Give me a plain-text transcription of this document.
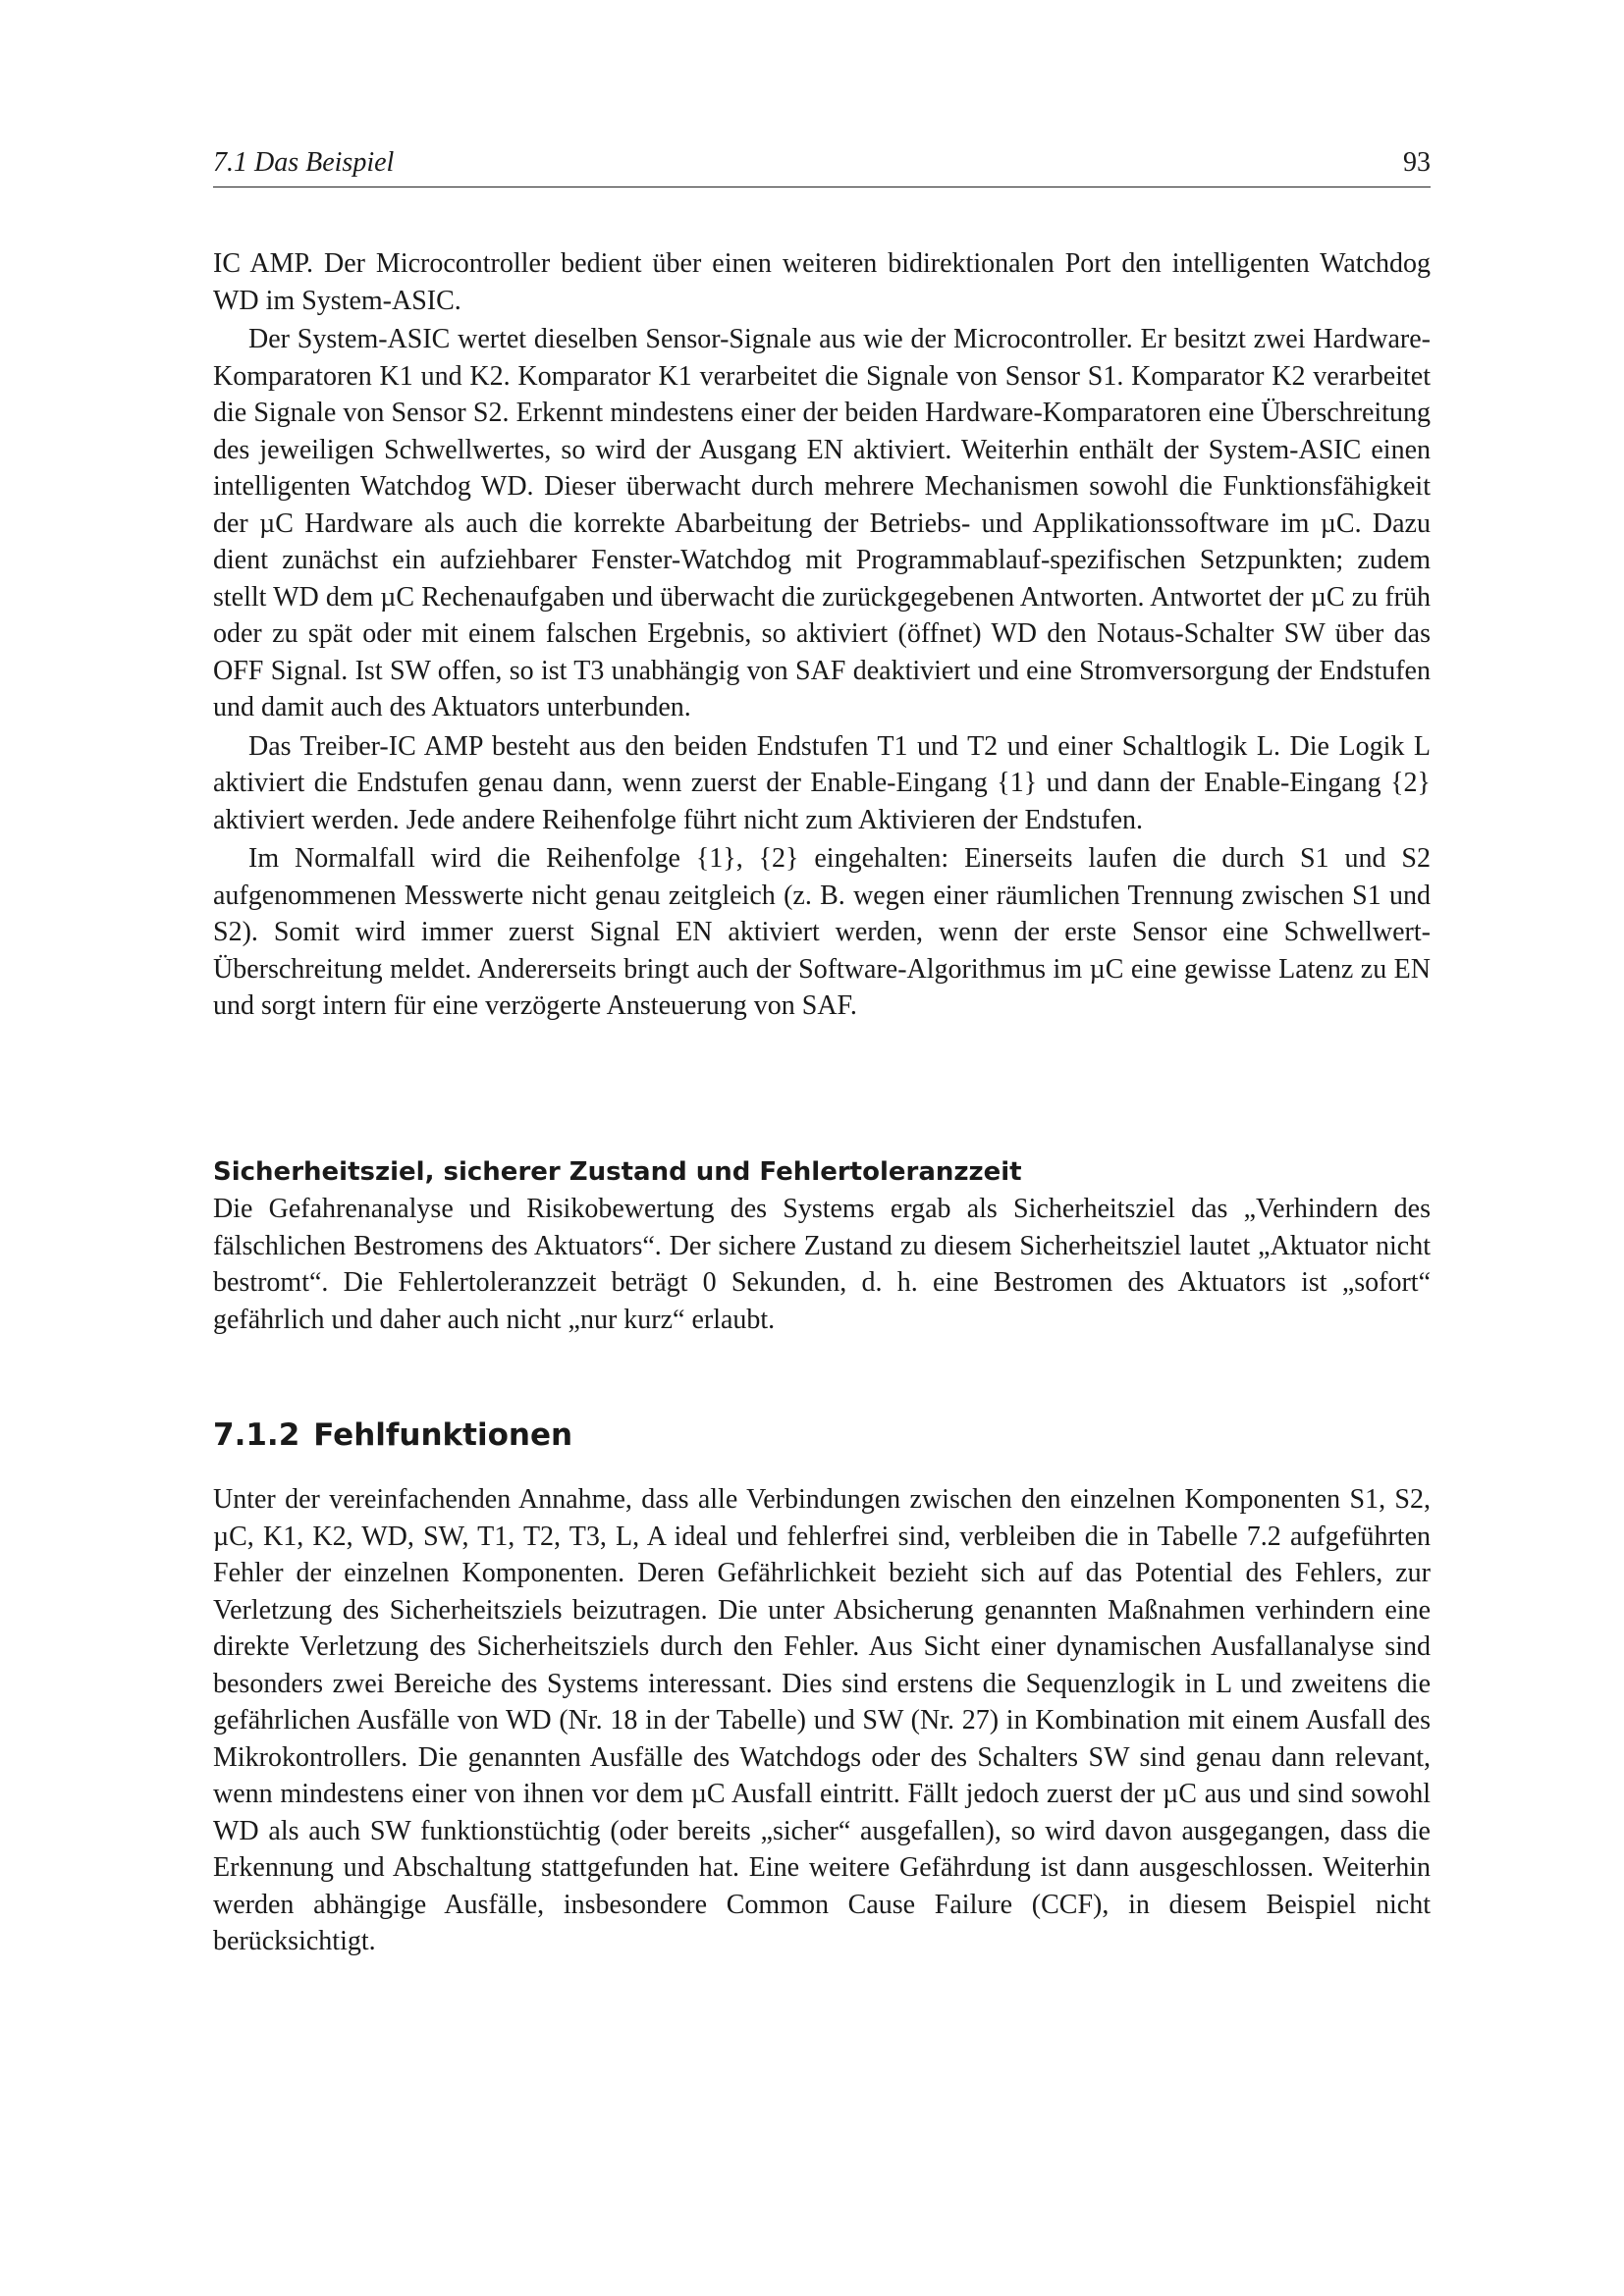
7.1 Das Beispiel	93

IC AMP. Der Microcontroller bedient über einen weiteren bidirektionalen Port den intelligenten Watchdog WD im System-ASIC.

Der System-ASIC wertet dieselben Sensor-Signale aus wie der Microcontroller. Er besitzt zwei Hardware-Komparatoren K1 und K2. Komparator K1 verarbeitet die Signale von Sensor S1. Komparator K2 verarbeitet die Signale von Sensor S2. Erkennt mindestens einer der beiden Hardware-Komparatoren eine Überschreitung des jeweiligen Schwellwertes, so wird der Ausgang EN aktiviert. Weiterhin enthält der System-ASIC einen intelligenten Watchdog WD. Dieser überwacht durch mehrere Mechanismen sowohl die Funktionsfähigkeit der µC Hardware als auch die korrekte Abarbeitung der Betriebs- und Applikationssoftware im µC. Dazu dient zunächst ein aufziehbarer Fenster-Watchdog mit Programmablauf-spezifischen Setzpunkten; zudem stellt WD dem µC Rechenaufgaben und überwacht die zurückgegebenen Antworten. Antwortet der µC zu früh oder zu spät oder mit einem falschen Ergebnis, so aktiviert (öffnet) WD den Notaus-Schalter SW über das OFF Signal. Ist SW offen, so ist T3 unabhängig von SAF deaktiviert und eine Stromversorgung der Endstufen und damit auch des Aktuators unterbunden.

Das Treiber-IC AMP besteht aus den beiden Endstufen T1 und T2 und einer Schaltlogik L. Die Logik L aktiviert die Endstufen genau dann, wenn zuerst der Enable-Eingang {1} und dann der Enable-Eingang {2} aktiviert werden. Jede andere Reihenfolge führt nicht zum Aktivieren der Endstufen.

Im Normalfall wird die Reihenfolge {1}, {2} eingehalten: Einerseits laufen die durch S1 und S2 aufgenommenen Messwerte nicht genau zeitgleich (z. B. wegen einer räumlichen Trennung zwischen S1 und S2). Somit wird immer zuerst Signal EN aktiviert werden, wenn der erste Sensor eine Schwellwert-Überschreitung meldet. Andererseits bringt auch der Software-Algorithmus im µC eine gewisse Latenz zu EN und sorgt intern für eine verzögerte Ansteuerung von SAF.

Sicherheitsziel, sicherer Zustand und Fehlertoleranzzeit

Die Gefahrenanalyse und Risikobewertung des Systems ergab als Sicherheitsziel das „Verhindern des fälschlichen Bestromens des Aktuators“. Der sichere Zustand zu diesem Sicherheitsziel lautet „Aktuator nicht bestromt“. Die Fehlertoleranzzeit beträgt 0 Sekunden, d. h. eine Bestromen des Aktuators ist „sofort“ gefährlich und daher auch nicht „nur kurz“ erlaubt.

7.1.2 Fehlfunktionen

Unter der vereinfachenden Annahme, dass alle Verbindungen zwischen den einzelnen Komponenten S1, S2, µC, K1, K2, WD, SW, T1, T2, T3, L, A ideal und fehlerfrei sind, verbleiben die in Tabelle 7.2 aufgeführten Fehler der einzelnen Komponenten. Deren Gefährlichkeit bezieht sich auf das Potential des Fehlers, zur Verletzung des Sicherheitsziels beizutragen. Die unter Absicherung genannten Maßnahmen verhindern eine direkte Verletzung des Sicherheitsziels durch den Fehler. Aus Sicht einer dynamischen Ausfallanalyse sind besonders zwei Bereiche des Systems interessant. Dies sind erstens die Sequenzlogik in L und zweitens die gefährlichen Ausfälle von WD (Nr. 18 in der Tabelle) und SW (Nr. 27) in Kombination mit einem Ausfall des Mikrokontrollers. Die genannten Ausfälle des Watchdogs oder des Schalters SW sind genau dann relevant, wenn mindestens einer von ihnen vor dem µC Ausfall eintritt. Fällt jedoch zuerst der µC aus und sind sowohl WD als auch SW funktionstüchtig (oder bereits „sicher“ ausgefallen), so wird davon ausgegangen, dass die Erkennung und Abschaltung stattgefunden hat. Eine weitere Gefährdung ist dann ausgeschlossen. Weiterhin werden abhängige Ausfälle, insbesondere Common Cause Failure (CCF), in diesem Beispiel nicht berücksichtigt.
